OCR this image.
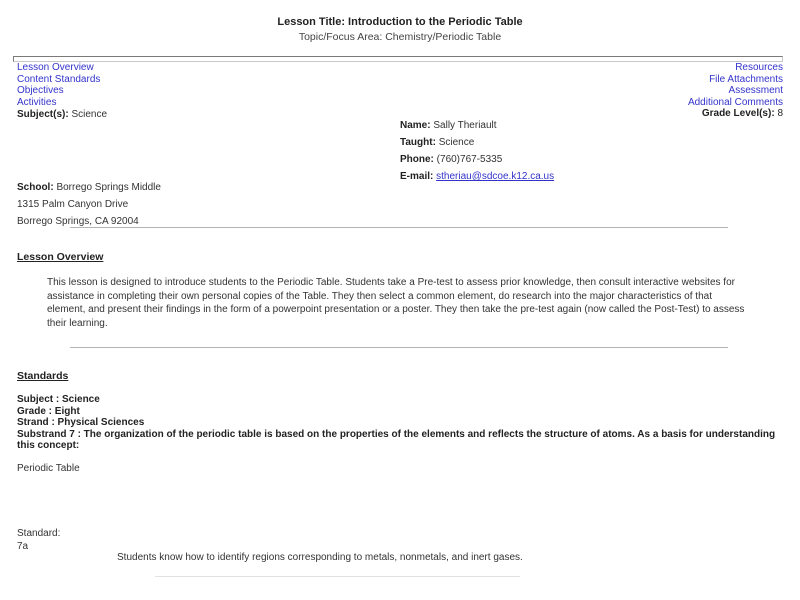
Lesson Title: Introduction to the Periodic Table
Topic/Focus Area: Chemistry/Periodic Table
Lesson Overview
Content Standards
Objectives
Activities
Resources
File Attachments
Assessment
Additional Comments
Grade Level(s): 8
Subject(s): Science
Name: Sally Theriault
Taught: Science
Phone: (760)767-5335
E-mail: stheriau@sdcoe.k12.ca.us
School: Borrego Springs Middle
1315 Palm Canyon Drive
Borrego Springs, CA 92004
Lesson Overview
This lesson is designed to introduce students to the Periodic Table. Students take a Pre-test to assess prior knowledge, then consult interactive websites for assistance in completing their own personal copies of the Table. They then select a common element, do research into the major characteristics of that element, and present their findings in the form of a powerpoint presentation or a poster. They then take the pre-test again (now called the Post-Test) to assess their learning.
Standards
Subject : Science
Grade : Eight
Strand : Physical Sciences
Substrand 7 : The organization of the periodic table is based on the properties of the elements and reflects the structure of atoms. As a basis for understanding this concept:
Periodic Table
Standard:
7a
Students know how to identify regions corresponding to metals, nonmetals, and inert gases.
